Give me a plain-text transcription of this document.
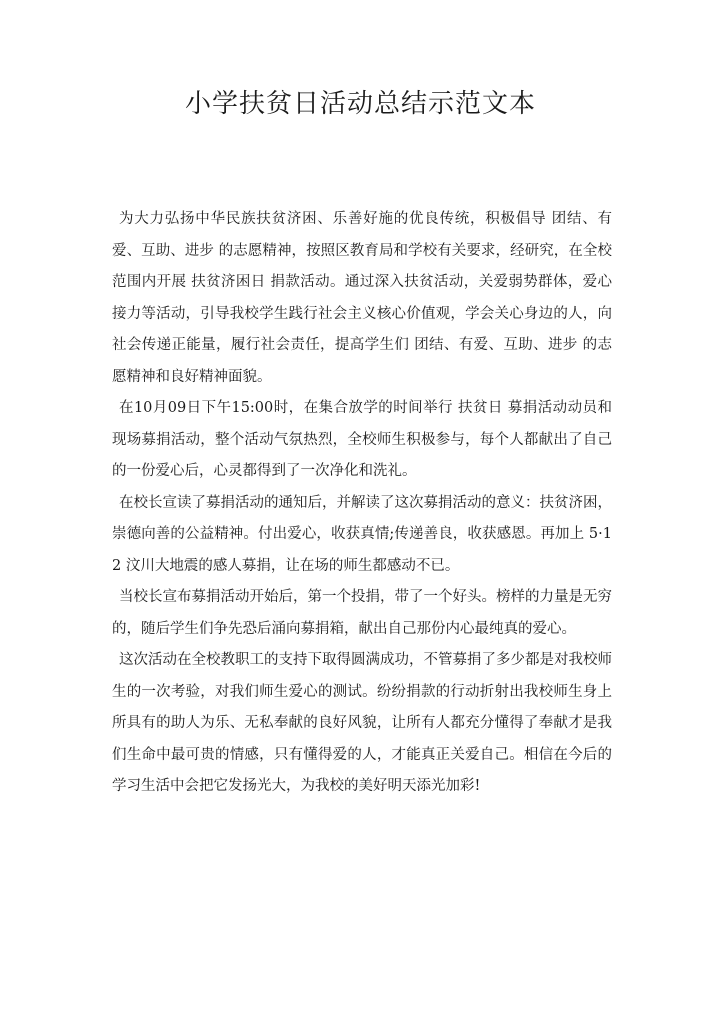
小学扶贫日活动总结示范文本

为大力弘扬中华民族扶贫济困、乐善好施的优良传统，积极倡导 团结、有爱、互助、进步 的志愿精神，按照区教育局和学校有关要求，经研究，在全校范围内开展 扶贫济困日 捐款活动。通过深入扶贫活动，关爱弱势群体，爱心接力等活动，引导我校学生践行社会主义核心价值观，学会关心身边的人，向社会传递正能量，履行社会责任，提高学生们 团结、有爱、互助、进步 的志愿精神和良好精神面貌。

在10月09日下午15:00时，在集合放学的时间举行 扶贫日 募捐活动动员和现场募捐活动，整个活动气氛热烈，全校师生积极参与，每个人都献出了自己的一份爱心后，心灵都得到了一次净化和洗礼。

在校长宣读了募捐活动的通知后，并解读了这次募捐活动的意义：扶贫济困，崇德向善的公益精神。付出爱心，收获真情;传递善良，收获感恩。再加上 5·12 汶川大地震的感人募捐，让在场的师生都感动不已。

当校长宣布募捐活动开始后，第一个投捐，带了一个好头。榜样的力量是无穷的，随后学生们争先恐后涌向募捐箱，献出自己那份内心最纯真的爱心。

这次活动在全校教职工的支持下取得圆满成功，不管募捐了多少都是对我校师生的一次考验，对我们师生爱心的测试。纷纷捐款的行动折射出我校师生身上所具有的助人为乐、无私奉献的良好风貌，让所有人都充分懂得了奉献才是我们生命中最可贵的情感，只有懂得爱的人，才能真正关爱自己。相信在今后的学习生活中会把它发扬光大，为我校的美好明天添光加彩!
